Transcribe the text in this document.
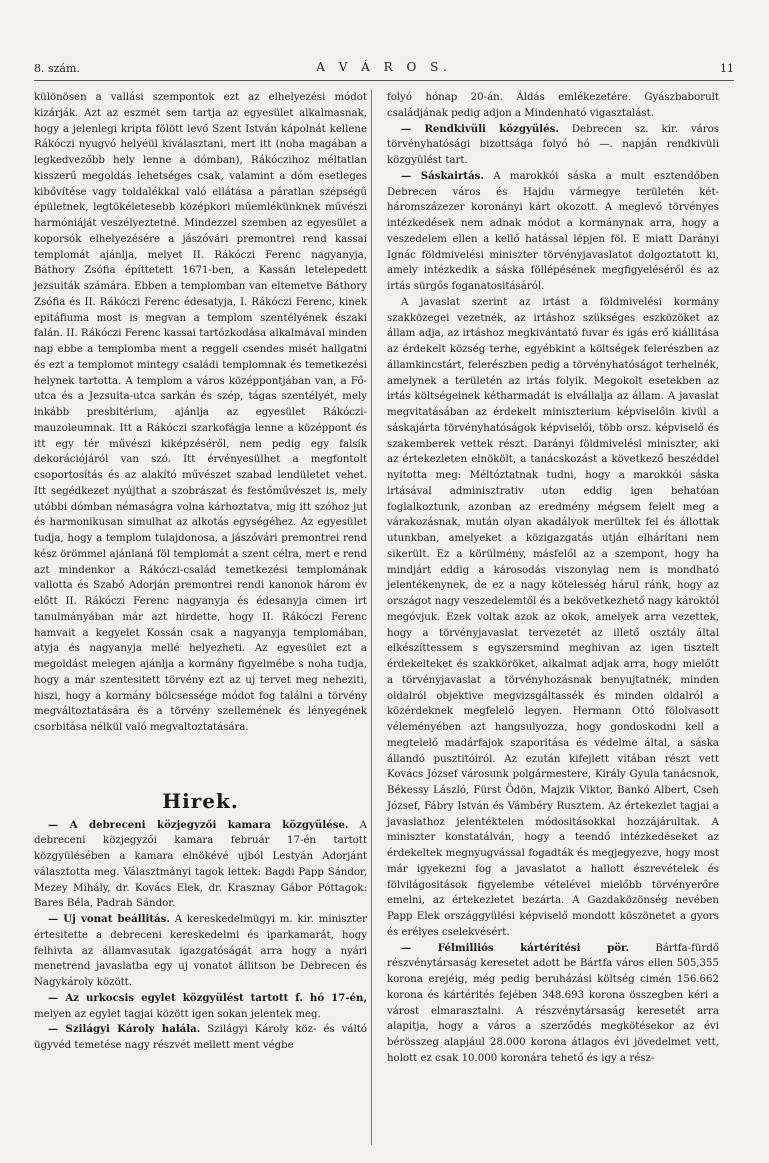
8. szám.	A V Á R O S.	11

különösen a vallási szempontok ezt az elhelyezési módot kizárják. Azt az eszmét sem tartja az egyesület alkalmasnak, hogy a jelenlegi kripta fölött levő Szent István kápolnát kellene Rákóczi nyugvó helyéül kiválasztani, mert itt (noha magában a legkedvezőbb hely lenne a dómban), Rákóczihoz méltatlan kisszerű megoldás lehetséges csak, valamint a dóm esetleges kibővítése vagy toldalékkal való ellátása a páratlan szépségű épületnek, legtökéletesebb középkori műemlékünknek művészi harmóniáját veszélyeztetné. Mindezzel szemben az egyesület a koporsók elhelyezésére a jászóvári premontrei rend kassai templomát ajánlja, melyet II. Rákóczi Ferenc nagyanyja, Báthory Zsófia építtetett 1671-ben, a Kassán letelepedett jezsuiták számára. Ebben a templomban van eltemetve Báthory Zsófia és II. Rákóczi Ferenc édesatyja, I. Rákóczi Ferenc, kinek epitáfiuma most is megvan a templom szentélyének északi falán. II. Rákóczi Ferenc kassai tartózkodása alkalmával minden nap ebbe a templomba ment a reggeli csendes misét hallgatni és ezt a templomot mintegy családi templomnak és temetkezési helynek tartotta. A templom a város középpontjában van, a Fő-utca és a Jezsuita-utca sarkán és szép, tágas szentélyét, mely inkább presbitérium, ajánlja az egyesület Rákóczi-mauzoleumnak. Itt a Rákóczi szarkofágja lenne a középpont és itt egy tér művészi kiképzéséről, nem pedig egy falsík dekorációjáról van szó. Itt érvényesülhet a megfontolt csoportosítás és az alakító művészet szabad lendületet vehet. Itt segédkezet nyújthat a szobrászat és festőművészet is, mely utóbbi dómban némaságra volna kárhoztatva, mig itt szóhoz jut és harmonikusan simulhat az alkotás egységéhez. Az egyesület tudja, hogy a templom tulajdonosa, a jászóvári premontrei rend kész örömmel ajánlaná föl templomát a szent célra, mert e rend azt mindenkor a Rákóczi-család temetkezési templomának vallotta és Szabó Adorján premontrei rendi kanonok három év előtt II. Rákóczi Ferenc nagyanyja és édesanyja cimen irt tanulmányában már azt hirdette, hogy II. Rákóczi Ferenc hamvait a kegyelet Kossán csak a nagyanyja templomában, atyja és nagyanyja mellé helyezheti. Az egyesület ezt a megoldást melegen ajánlja a kormány figyelmébe s noha tudja, hogy a már szentesitett törvény ezt az uj tervet meg neheziti, hiszi, hogy a kormány bölcsessége módot fog találni a törvény megváltoztatására és a törvény szellemének és lényegének csorbitása nélkül való megvaltoztatására.

Hirek.

— A debreceni közjegyzői kamara közgyülése. A debreceni közjegyzői kamara február 17-én tartott közgyülésében a kamara elnökévé ujból Lestyán Adorjánt választotta meg. Választmányi tagok lettek: Bagdi Papp Sándor, Mezey Mihály, dr. Kovács Elek, dr. Krasznay Gábor Póttagok: Bares Béla, Padrah Sándor.

— Uj vonat beállitás. A kereskedelmügyi m. kir. miniszter értesitette a debreceni kereskedelmi és iparkamarát, hogy felhivta az államvasutak igazgatóságát arra hogy a nyári menetrend javaslatba egy uj vonatot állitson be Debrecen és Nagykároly között.

— Az urkocsis egylet közgyülést tartott f. hó 17-én, melyen az egylet tagjai között igen sokan jelentek meg.

— Szilágyi Károly halála. Szilágyi Károly köz- és váltó ügyvéd temetése nagy részvét mellett ment végbe

folyó hónap 20-án. Áldás emlékezetére. Gyászbaborult családjának pedig adjon a Mindenható vigasztalást.

— Rendkivüli közgyülés. Debrecen sz. kir. város törvényhatósági bizottsága folyó hó —. napján rendkivüli közgyülést tart.

— Sáskairtás. A marokkói sáska a mult esztendőben Debrecen város és Hajdu vármegye területén két-háromszázezer koronányi kárt okozott. A meglevő törvényes intézkedések nem adnak módot a kormánynak arra, hogy a veszedelem ellen a kellő hatással lépjen föl. E miatt Darányi Ignác földmivelési miniszter törvényjavaslatot dolgoztatott ki, amely intézkedik a sáska föllépésének megfigyeléséről és az irtás sürgős foganatositásáról.

A javaslat szerint az irtást a földmivelési kormány szakközegei vezetnék, az irtáshoz szükséges eszközöket az állam adja, az irtáshoz megkivántató fuvar és igás erő kiállitása az érdekelt község terhe, egyébkint a költségek felerészben az államkincstárt, felerészben pedig a törvényhatóságot terhelnék, amelynek a területén az irtás folyik. Megokolt esetekben az irtás költségeinek kétharmadát is elvállalja az állam. A javaslat megvitatásában az érdekelt miniszterium képviselőin kivül a sáskajárta törvényhatóságok képviselői, több orsz. képviselő és szakemberek vettek részt. Darányi földmivelési miniszter, aki az értekezleten elnökölt, a tanácskozást a következő beszéddel nyitotta meg: Méltóztatnak tudni, hogy a marokkói sáska irtásával adminisztrativ uton eddig igen behatóan foglalkoztunk, azonban az eredmény mégsem felelt meg a várakozásnak, mután olyan akadályok merültek fel és állottak utunkban, amelyeket a közigazgatás utján elhárítani nem sikerült. Ez a körülmény, másfelől az a szempont, hogy ha mindjárt eddig a károsodás viszonylag nem is mondható jelentékenynek, de ez a nagy kötelesség hárul ránk, hogy az országot nagy veszedelemtől és a bekövetkezhető nagy károktól megóvjuk. Ezek voltak azok az okok, amelyek arra vezettek, hogy a törvényjavaslat tervezetét az illető osztály által elkészíttessem s egyszersmind meghivan az igen tisztelt érdekelteket és szakköröket, alkalmat adjak arra, hogy mielőtt a törvényjavaslat a törvényhozásnak benyujtatnék, minden oldalról objektive megvizsgáltassék és minden oldalról a közérdeknek megfelelő legyen. Hermann Ottó fölolvasott véleményében azt hangsulyozza, hogy gondoskodni kell a megtelelő madárfajok szaporitása és védelme által, a sáska állandó pusztitóiról. Az ezután kifejlett vitában részt vett Kovács József városunk polgármestere, Király Gyula tanácsnok, Békessy László, Fürst Ödön, Majzik Viktor, Bankó Albert, Cseh József, Fábry István és Vámbéry Rusztem. Az értekezlet tagjai a javaslathoz jelentéktelen módositásokkal hozzájárultak. A miniszter konstatálván, hogy a teendő intézkedéseket az érdekeltek megnyugvással fogadták és megjegyezve, hogy most már igyekezni fog a javaslatot a hallott észrevételek és fölvilágositások figyelembe vételével mielőbb törvényerőre emelni, az értekezletet bezárta. A Gazdaközönség nevében Papp Elek országgyülési képviselő mondott köszönetet a gyors és erélyes cselekvésért.

— Félmilliós kártérítési pör. Bártfa-fürdő részvénytársaság keresetet adott be Bártfa város ellen 505,355 korona erejéig, még pedig beruházási költség cimén 156.662 korona és kártérités fejében 348.693 korona összegben kéri a várost elmarasztalni. A részvénytársaság keresetét arra alapitja, hogy a város a szerződés megkötésekor az évi bérösszeg alapjául 28.000 korona átlagos évi jövedelmet vett, holott ez csak 10.000 koronára tehető és igy a rész-
